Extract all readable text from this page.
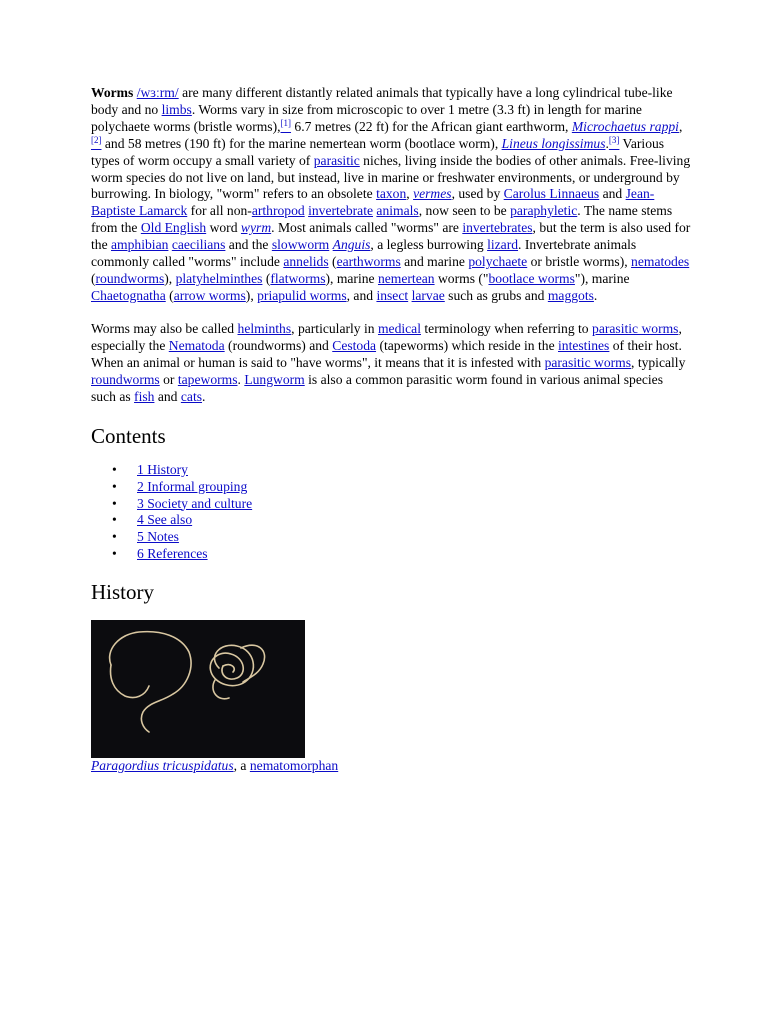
Worms /wɜːrm/ are many different distantly related animals that typically have a long cylindrical tube-like body and no limbs. Worms vary in size from microscopic to over 1 metre (3.3 ft) in length for marine polychaete worms (bristle worms),[1] 6.7 metres (22 ft) for the African giant earthworm, Microchaetus rappi,[2] and 58 metres (190 ft) for the marine nemertean worm (bootlace worm), Lineus longissimus.[3] Various types of worm occupy a small variety of parasitic niches, living inside the bodies of other animals. Free-living worm species do not live on land, but instead, live in marine or freshwater environments, or underground by burrowing. In biology, "worm" refers to an obsolete taxon, vermes, used by Carolus Linnaeus and Jean-Baptiste Lamarck for all non-arthropod invertebrate animals, now seen to be paraphyletic. The name stems from the Old English word wyrm. Most animals called "worms" are invertebrates, but the term is also used for the amphibian caecilians and the slowworm Anguis, a legless burrowing lizard. Invertebrate animals commonly called "worms" include annelids (earthworms and marine polychaete or bristle worms), nematodes (roundworms), platyhelminthes (flatworms), marine nemertean worms ("bootlace worms"), marine Chaetognatha (arrow worms), priapulid worms, and insect larvae such as grubs and maggots.

Worms may also be called helminths, particularly in medical terminology when referring to parasitic worms, especially the Nematoda (roundworms) and Cestoda (tapeworms) which reside in the intestines of their host. When an animal or human is said to "have worms", it means that it is infested with parasitic worms, typically roundworms or tapeworms. Lungworm is also a common parasitic worm found in various animal species such as fish and cats.

Contents
• 1 History
• 2 Informal grouping
• 3 Society and culture
• 4 See also
• 5 Notes
• 6 References
History

Paragordius tricuspidatus, a nematomorphan
